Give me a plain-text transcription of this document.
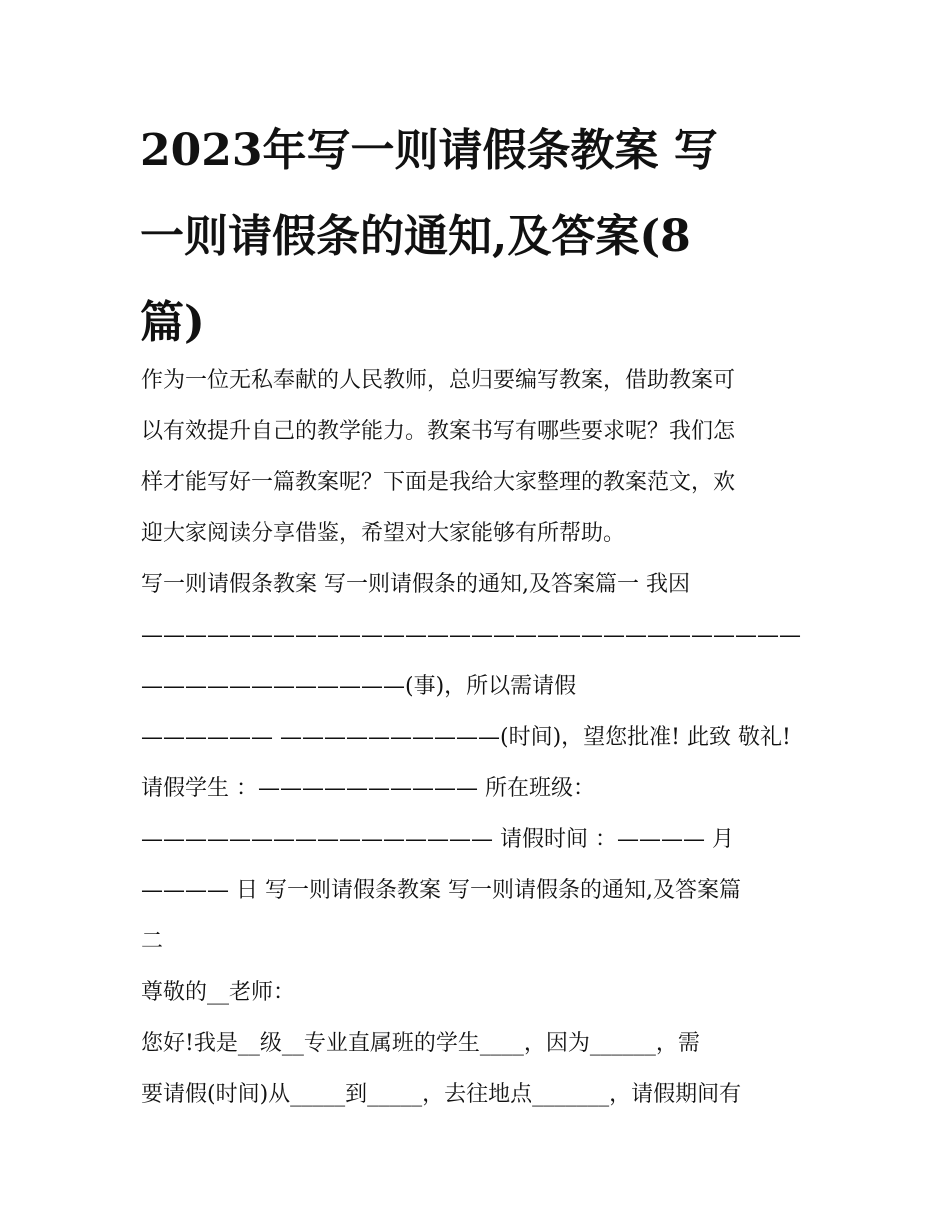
2023年写一则请假条教案 写
一则请假条的通知,及答案(8
篇)
作为一位无私奉献的人民教师，总归要编写教案，借助教案可
以有效提升自己的教学能力。教案书写有哪些要求呢？我们怎
样才能写好一篇教案呢？下面是我给大家整理的教案范文，欢
迎大家阅读分享借鉴，希望对大家能够有所帮助。
写一则请假条教案 写一则请假条的通知,及答案篇一 我因
——————————————————————————————
————————————(事)，所以需请假
—————— ——————————(时间)，望您批准! 此致 敬礼!
请假学生 ：—————————— 所在班级：
———————————————— 请假时间 ：———— 月
———— 日 写一则请假条教案 写一则请假条的通知,及答案篇
二
尊敬的__老师：
您好!我是__级__专业直属班的学生____，因为______，需
要请假(时间)从_____到_____，去往地点_______，请假期间有
